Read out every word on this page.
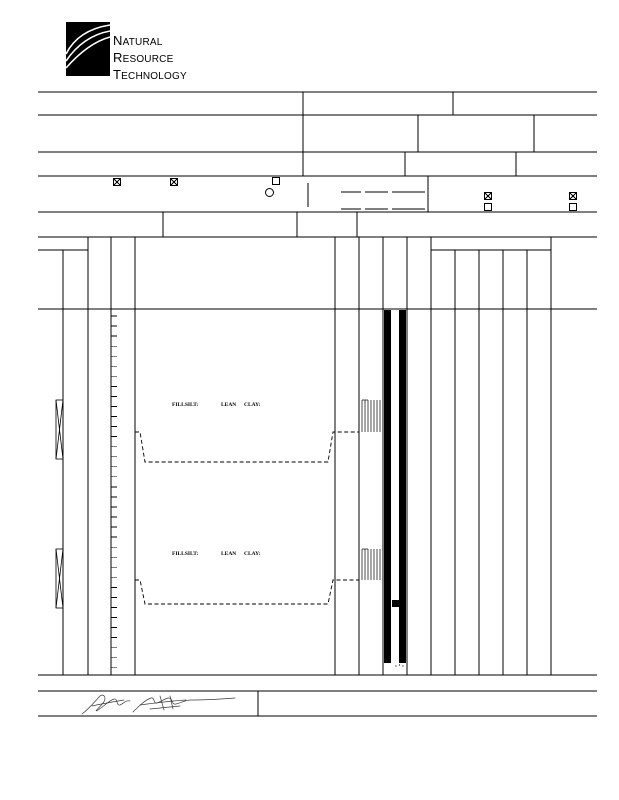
NATURAL
RESOURCE
TECHNOLOGY
FILLSILT:	LEAN CLAY:
FILLSILT:	LEAN CLAY:
